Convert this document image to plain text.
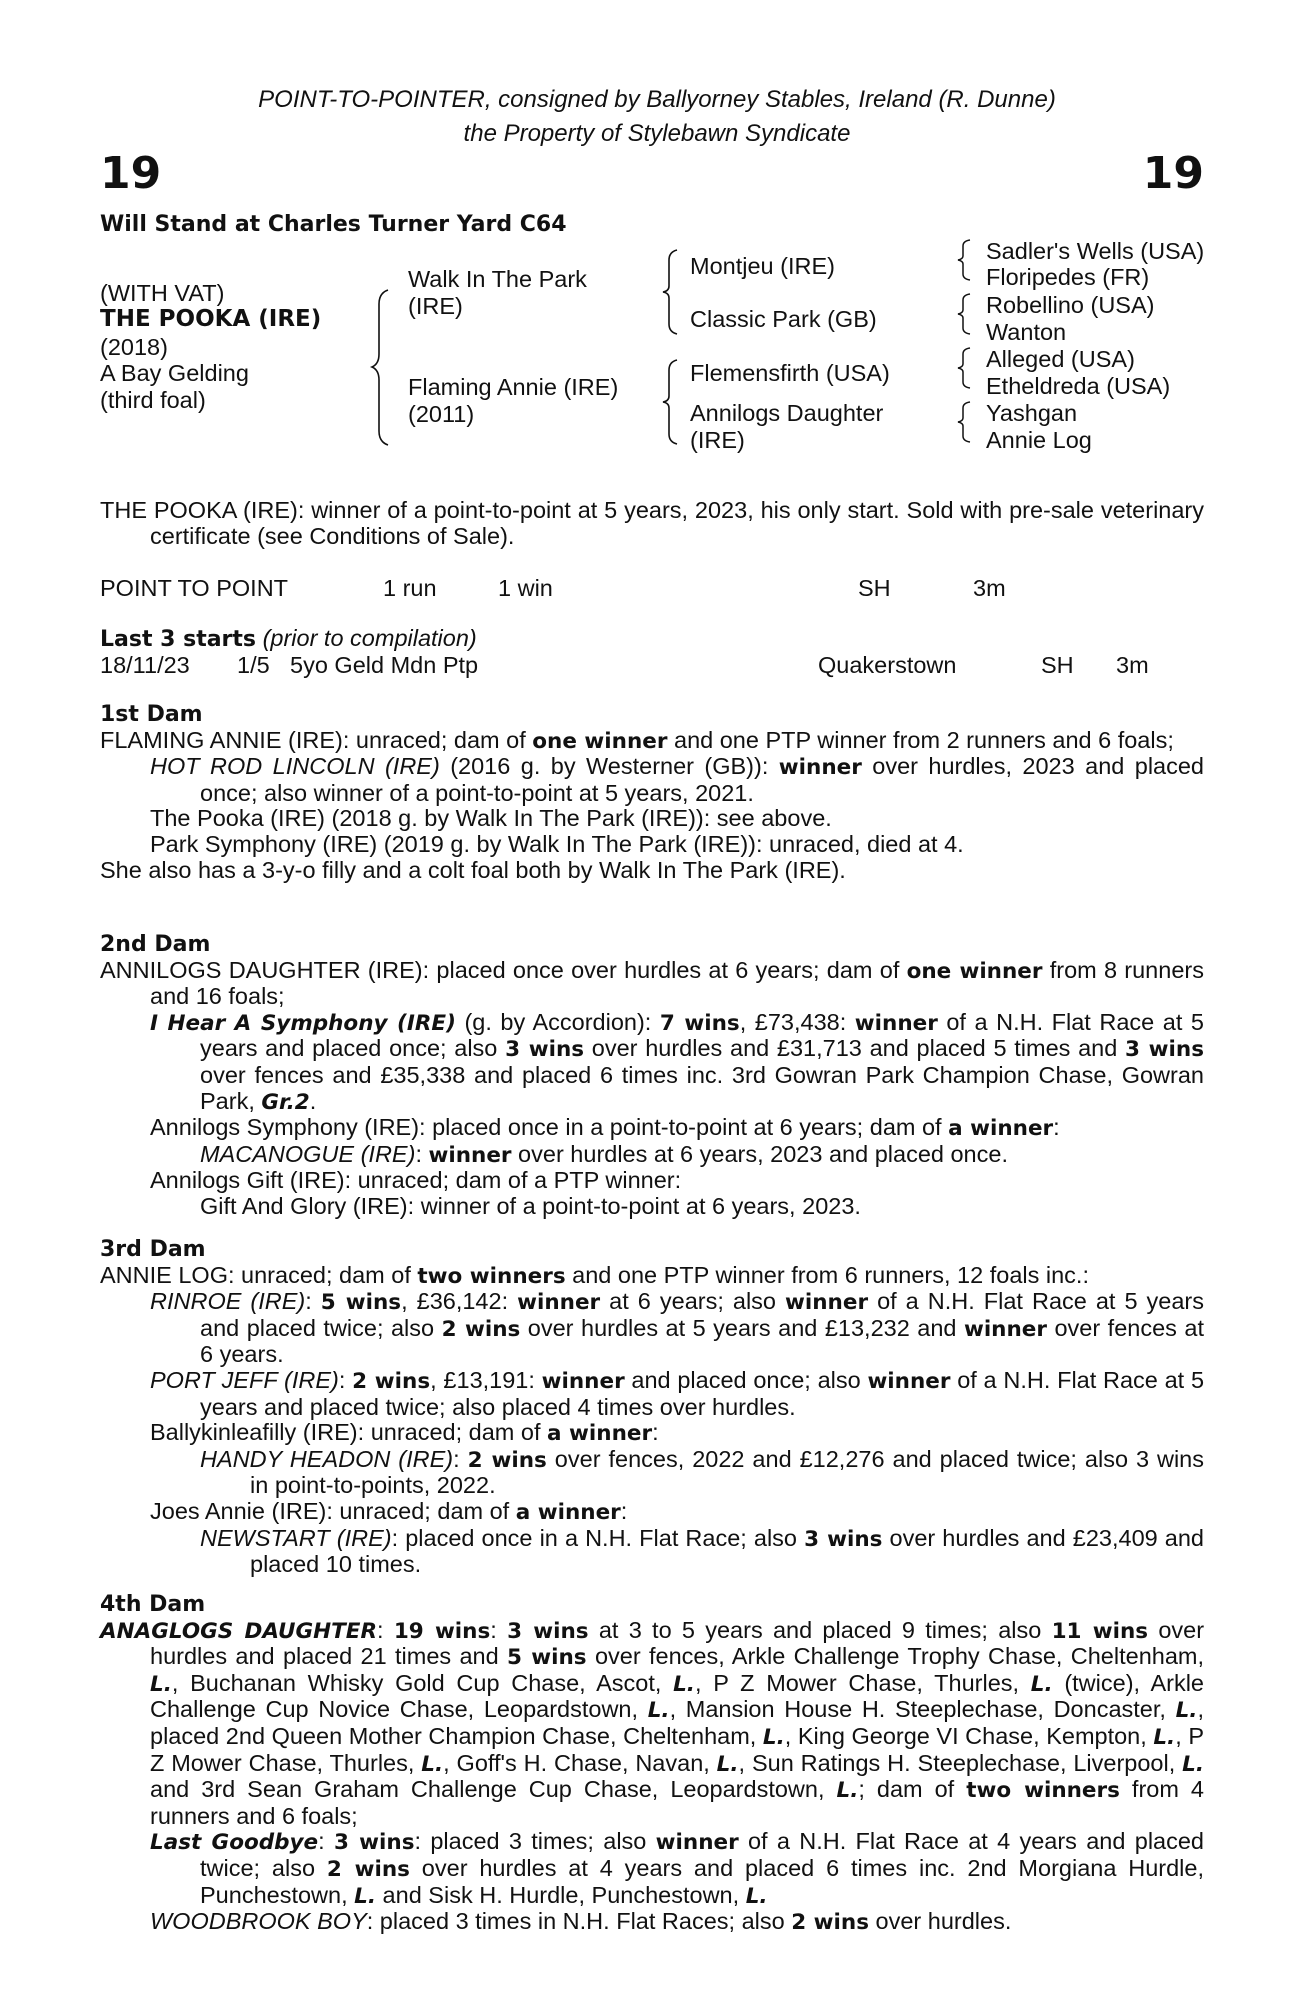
POINT-TO-POINTER, consigned by Ballyorney Stables, Ireland (R. Dunne)
the Property of Stylebawn Syndicate
19	19
Will Stand at Charles Turner Yard C64
(WITH VAT)
THE POOKA (IRE)
(2018)
A Bay Gelding
(third foal)
Walk In The Park
(IRE)
Flaming Annie (IRE)
(2011)
Montjeu (IRE)
Classic Park (GB)
Flemensfirth (USA)
Annilogs Daughter
(IRE)
Sadler's Wells (USA)
Floripedes (FR)
Robellino (USA)
Wanton
Alleged (USA)
Etheldreda (USA)
Yashgan
Annie Log

THE POOKA (IRE): winner of a point-to-point at 5 years, 2023, his only start. Sold with pre-sale veterinary certificate (see Conditions of Sale).

POINT TO POINT	1 run	1 win	SH	3m
Last 3 starts (prior to compilation)
18/11/23 1/5 5yo Geld Mdn Ptp	Quakerstown	SH 3m

1st Dam

FLAMING ANNIE (IRE): unraced; dam of one winner and one PTP winner from 2 runners and 6 foals;

HOT ROD LINCOLN (IRE) (2016 g. by Westerner (GB)): winner over hurdles, 2023 and placed once; also winner of a point-to-point at 5 years, 2021.

The Pooka (IRE) (2018 g. by Walk In The Park (IRE)): see above.

Park Symphony (IRE) (2019 g. by Walk In The Park (IRE)): unraced, died at 4.

She also has a 3-y-o filly and a colt foal both by Walk In The Park (IRE).

2nd Dam

ANNILOGS DAUGHTER (IRE): placed once over hurdles at 6 years; dam of one winner from 8 runners and 16 foals;

I Hear A Symphony (IRE) (g. by Accordion): 7 wins, £73,438: winner of a N.H. Flat Race at 5 years and placed once; also 3 wins over hurdles and £31,713 and placed 5 times and 3 wins over fences and £35,338 and placed 6 times inc. 3rd Gowran Park Champion Chase, Gowran Park, Gr.2.

Annilogs Symphony (IRE): placed once in a point-to-point at 6 years; dam of a winner:

MACANOGUE (IRE): winner over hurdles at 6 years, 2023 and placed once.

Annilogs Gift (IRE): unraced; dam of a PTP winner:

Gift And Glory (IRE): winner of a point-to-point at 6 years, 2023.

3rd Dam

ANNIE LOG: unraced; dam of two winners and one PTP winner from 6 runners, 12 foals inc.:

RINROE (IRE): 5 wins, £36,142: winner at 6 years; also winner of a N.H. Flat Race at 5 years and placed twice; also 2 wins over hurdles at 5 years and £13,232 and winner over fences at 6 years.

PORT JEFF (IRE): 2 wins, £13,191: winner and placed once; also winner of a N.H. Flat Race at 5 years and placed twice; also placed 4 times over hurdles.

Ballykinleafilly (IRE): unraced; dam of a winner:

HANDY HEADON (IRE): 2 wins over fences, 2022 and £12,276 and placed twice; also 3 wins in point-to-points, 2022.

Joes Annie (IRE): unraced; dam of a winner:

NEWSTART (IRE): placed once in a N.H. Flat Race; also 3 wins over hurdles and £23,409 and placed 10 times.

4th Dam

ANAGLOGS DAUGHTER: 19 wins: 3 wins at 3 to 5 years and placed 9 times; also 11 wins over hurdles and placed 21 times and 5 wins over fences, Arkle Challenge Trophy Chase, Cheltenham, L., Buchanan Whisky Gold Cup Chase, Ascot, L., P Z Mower Chase, Thurles, L. (twice), Arkle Challenge Cup Novice Chase, Leopardstown, L., Mansion House H. Steeplechase, Doncaster, L., placed 2nd Queen Mother Champion Chase, Cheltenham, L., King George VI Chase, Kempton, L., P Z Mower Chase, Thurles, L., Goff's H. Chase, Navan, L., Sun Ratings H. Steeplechase, Liverpool, L. and 3rd Sean Graham Challenge Cup Chase, Leopardstown, L.; dam of two winners from 4 runners and 6 foals;

Last Goodbye: 3 wins: placed 3 times; also winner of a N.H. Flat Race at 4 years and placed twice; also 2 wins over hurdles at 4 years and placed 6 times inc. 2nd Morgiana Hurdle, Punchestown, L. and Sisk H. Hurdle, Punchestown, L.

WOODBROOK BOY: placed 3 times in N.H. Flat Races; also 2 wins over hurdles.
